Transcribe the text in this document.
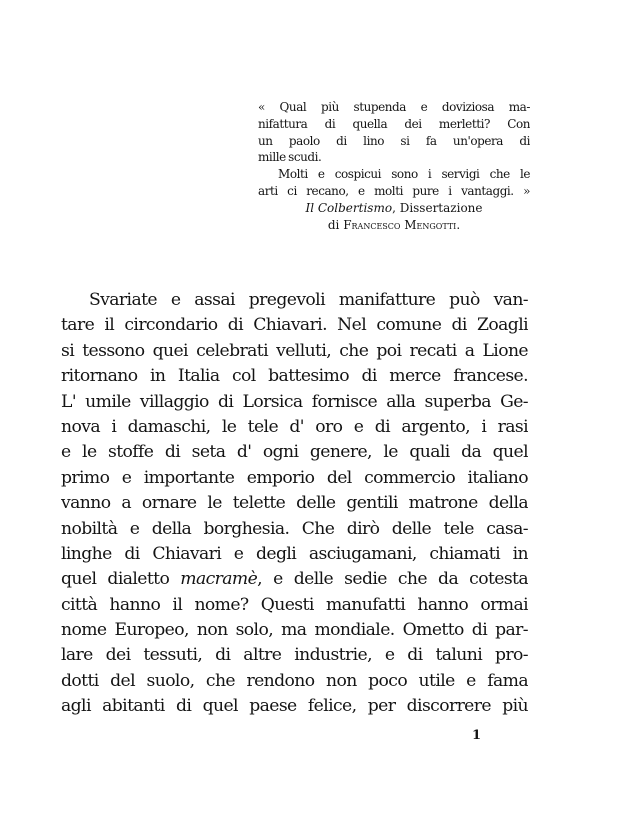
« Qual più stupenda e doviziosa ma-
nifattura di quella dei merletti? Con
un paolo di lino si fa un'opera di
mille scudi.
Molti e cospicui sono i servigi che le
arti ci recano, e molti pure i vantaggi. »
Il Colbertismo, Dissertazione
di Francesco Mengotti.
Svariate e assai pregevoli manifatture può van-
tare il circondario di Chiavari. Nel comune di Zoagli
si tessono quei celebrati velluti, che poi recati a Lione
ritornano in Italia col battesimo di merce francese.
L' umile villaggio di Lorsica fornisce alla superba Ge-
nova i damaschi, le tele d' oro e di argento, i rasi
e le stoffe di seta d' ogni genere, le quali da quel
primo e importante emporio del commercio italiano
vanno a ornare le telette delle gentili matrone della
nobiltà e della borghesia. Che dirò delle tele casa-
linghe di Chiavari e degli asciugamani, chiamati in
quel dialetto macramè, e delle sedie che da cotesta
città hanno il nome? Questi manufatti hanno ormai
nome Europeo, non solo, ma mondiale. Ometto di par-
lare dei tessuti, di altre industrie, e di taluni pro-
dotti del suolo, che rendono non poco utile e fama
agli abitanti di quel paese felice, per discorrere più
1
